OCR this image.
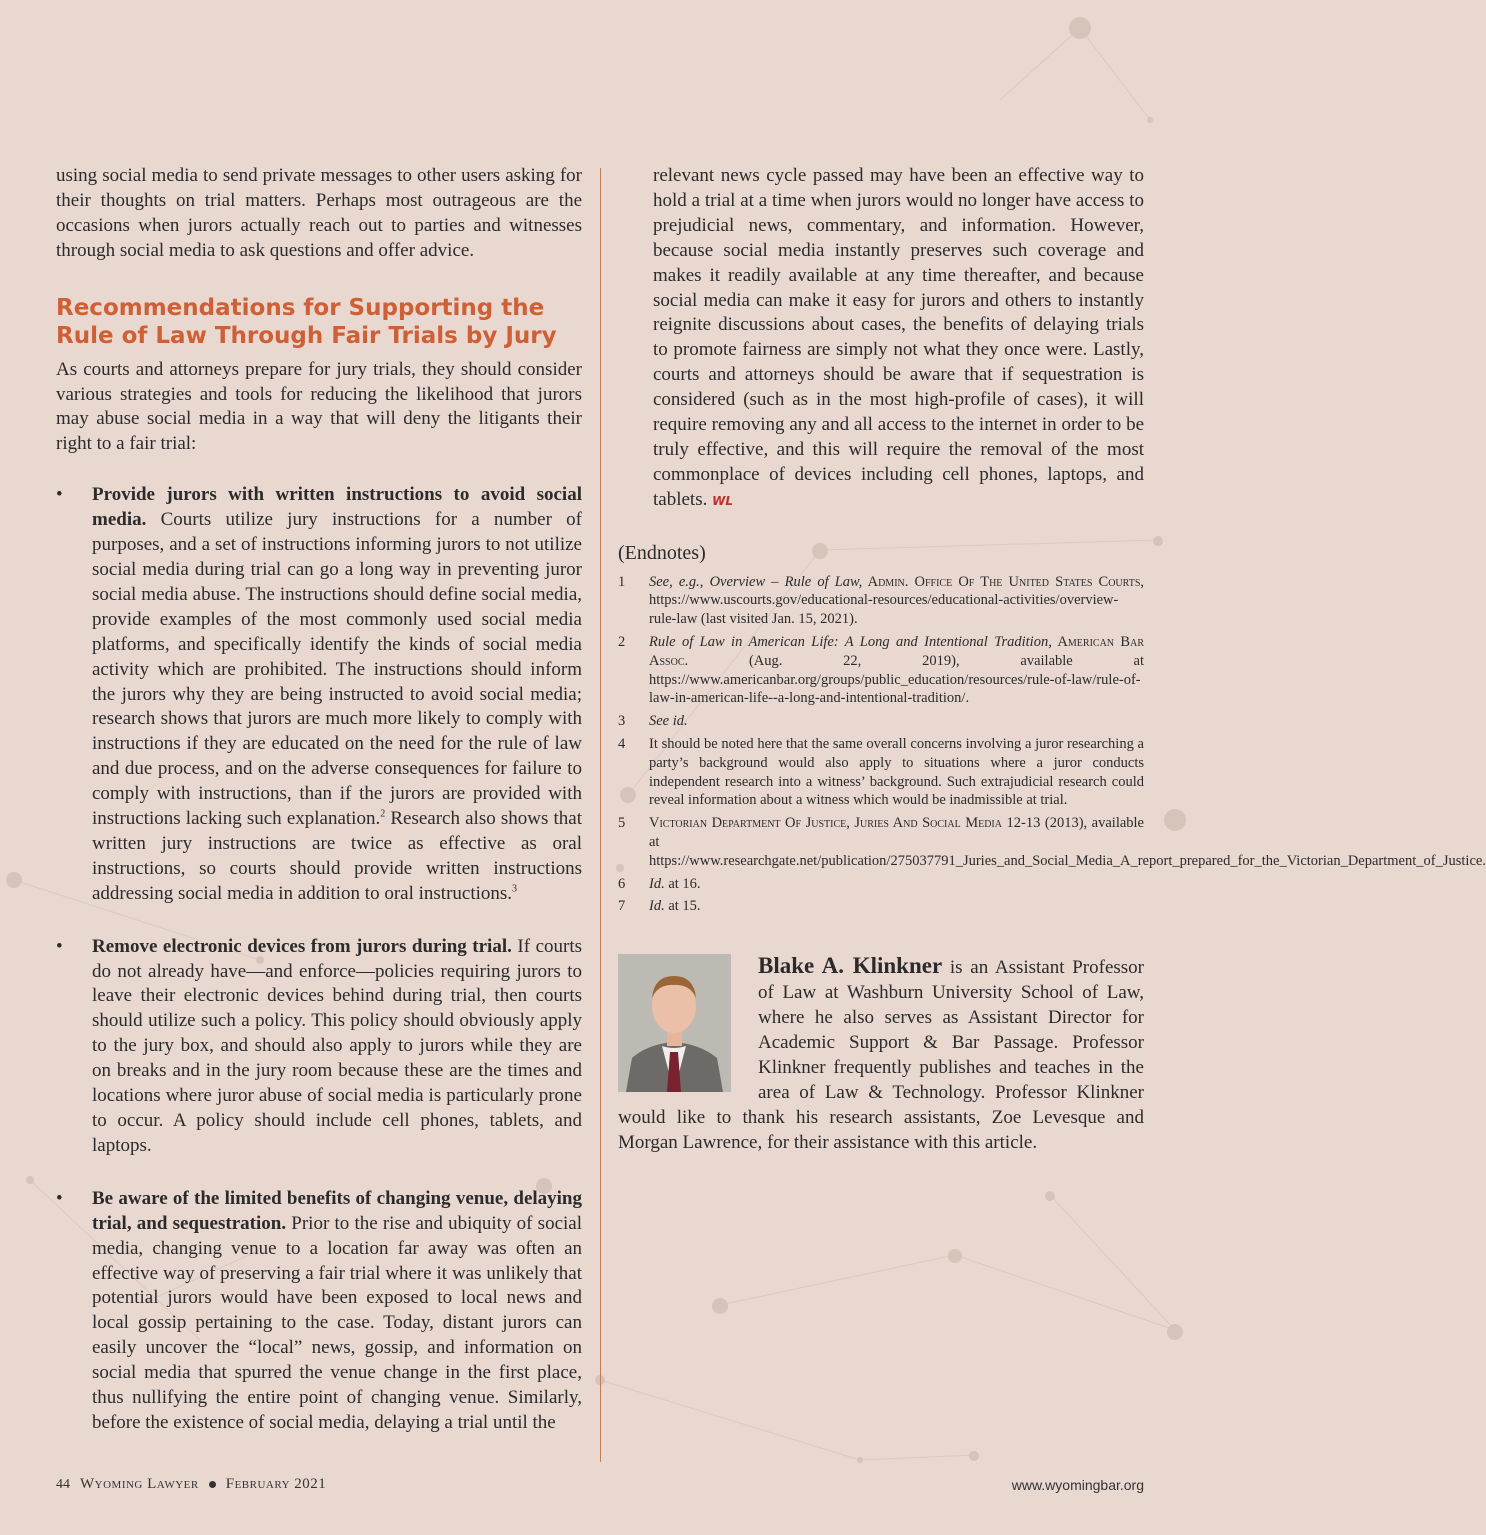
using social media to send private messages to other users asking for their thoughts on trial matters. Perhaps most outrageous are the occasions when jurors actually reach out to parties and witnesses through social media to ask questions and offer advice.

Recommendations for Supporting the Rule of Law Through Fair Trials by Jury

As courts and attorneys prepare for jury trials, they should consider various strategies and tools for reducing the likelihood that jurors may abuse social media in a way that will deny the litigants their right to a fair trial:

• Provide jurors with written instructions to avoid social media. Courts utilize jury instructions for a number of purposes, and a set of instructions informing jurors to not utilize social media during trial can go a long way in preventing juror social media abuse. The instructions should define social media, provide examples of the most commonly used social media platforms, and specifically identify the kinds of social media activity which are prohibited. The instructions should inform the jurors why they are being instructed to avoid social media; research shows that jurors are much more likely to comply with instructions if they are educated on the need for the rule of law and due process, and on the adverse consequences for failure to comply with instructions, than if the jurors are provided with instructions lacking such explanation.$^2$ Research also shows that written jury instructions are twice as effective as oral instructions, so courts should provide written instructions addressing social media in addition to oral instructions.$^3$

• Remove electronic devices from jurors during trial. If courts do not already have—and enforce—policies requiring jurors to leave their electronic devices behind during trial, then courts should utilize such a policy. This policy should obviously apply to the jury box, and should also apply to jurors while they are on breaks and in the jury room because these are the times and locations where juror abuse of social media is particularly prone to occur. A policy should include cell phones, tablets, and laptops.

• Be aware of the limited benefits of changing venue, delaying trial, and sequestration. Prior to the rise and ubiquity of social media, changing venue to a location far away was often an effective way of preserving a fair trial where it was unlikely that potential jurors would have been exposed to local news and local gossip pertaining to the case. Today, distant jurors can easily uncover the “local” news, gossip, and information on social media that spurred the venue change in the first place, thus nullifying the entire point of changing venue. Similarly, before the existence of social media, delaying a trial until the

relevant news cycle passed may have been an effective way to hold a trial at a time when jurors would no longer have access to prejudicial news, commentary, and information. However, because social media instantly preserves such coverage and makes it readily available at any time thereafter, and because social media can make it easy for jurors and others to instantly reignite discussions about cases, the benefits of delaying trials to promote fairness are simply not what they once were. Lastly, courts and attorneys should be aware that if sequestration is considered (such as in the most high-profile of cases), it will require removing any and all access to the internet in order to be truly effective, and this will require the removal of the most commonplace of devices including cell phones, laptops, and tablets. WL

(Endnotes)
1 See, e.g., Overview – Rule of Law, Admin. Office Of The United States Courts, https://www.uscourts.gov/educational-resources/educational-activities/overview-rule-law (last visited Jan. 15, 2021).
2 Rule of Law in American Life: A Long and Intentional Tradition, American Bar Assoc. (Aug. 22, 2019), available at https://www.americanbar.org/groups/public_education/resources/rule-of-law/rule-of-law-in-american-life--a-long-and-intentional-tradition/.
3 See id.
4 It should be noted here that the same overall concerns involving a juror researching a party’s background would also apply to situations where a juror conducts independent research into a witness’ background. Such extrajudicial research could reveal information about a witness which would be inadmissible at trial.
5 Victorian Department Of Justice, Juries And Social Media 12-13 (2013), available at https://www.researchgate.net/publication/275037791_Juries_and_Social_Media_A_report_prepared_for_the_Victorian_Department_of_Justice.
6 Id. at 16.
7 Id. at 15.
Blake A. Klinkner is an Assistant Professor of Law at Washburn University School of Law, where he also serves as Assistant Director for Academic Support & Bar Passage. Professor Klinkner frequently publishes and teaches in the area of Law & Technology. Professor Klinkner would like to thank his research assistants, Zoe Levesque and Morgan Lawrence, for their assistance with this article.
44 Wyoming Lawyer February 2021	www.wyomingbar.org
